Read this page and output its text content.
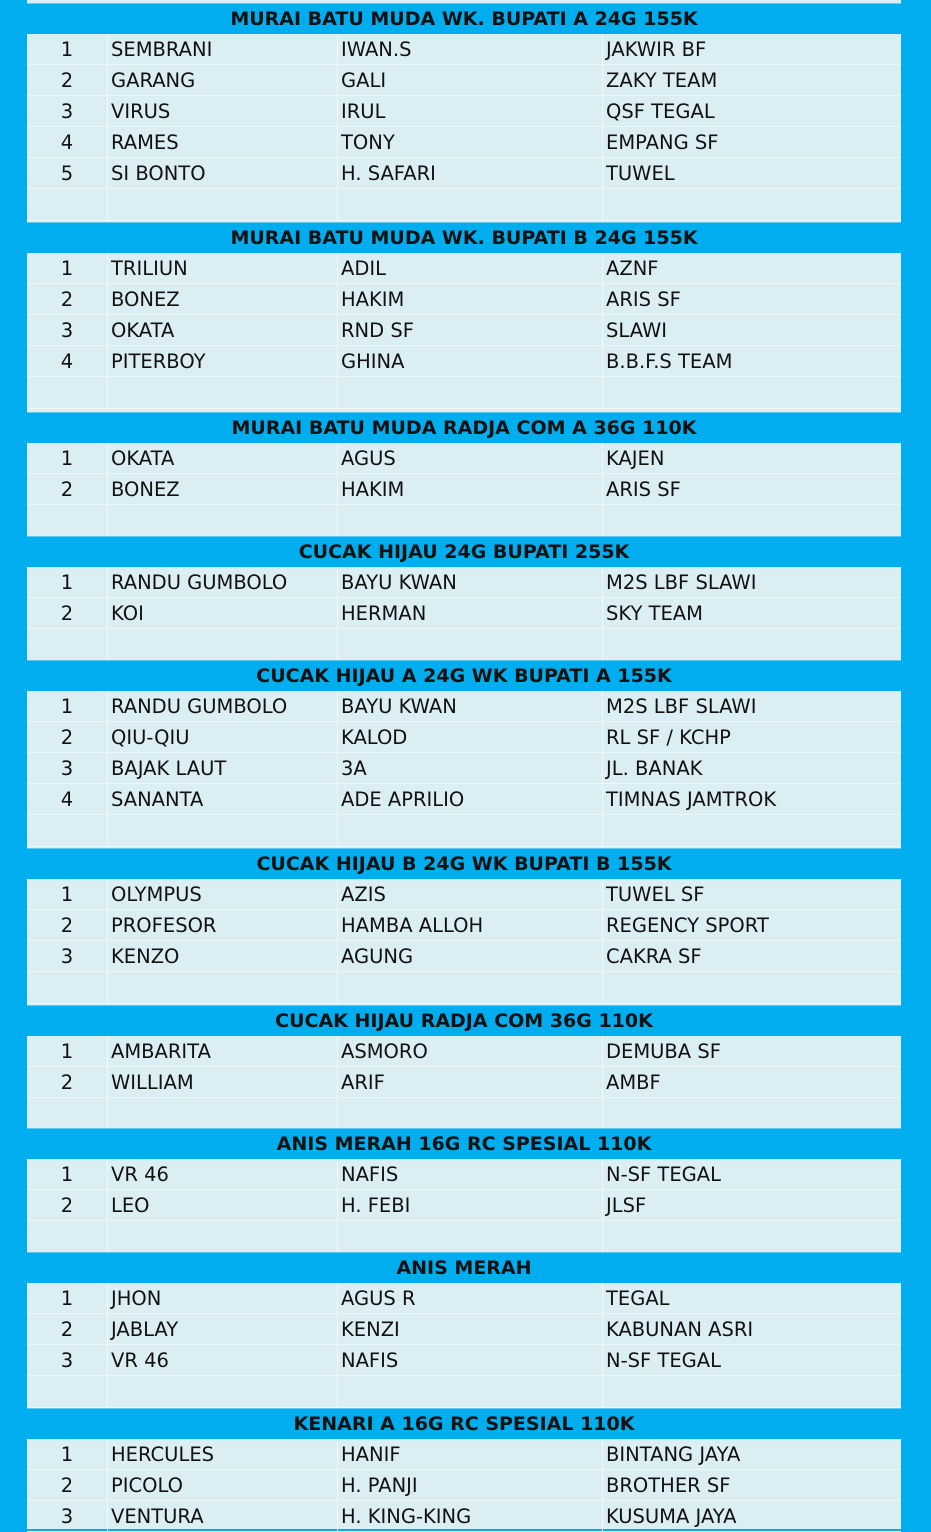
MURAI BATU MUDA WK. BUPATI A 24G 155K
1	SEMBRANI	IWAN.S	JAKWIR BF
2	GARANG	GALI	ZAKY TEAM
3	VIRUS	IRUL	QSF TEGAL
4	RAMES	TONY	EMPANG SF
5	SI BONTO	H. SAFARI	TUWEL
MURAI BATU MUDA WK. BUPATI B 24G 155K
1	TRILIUN	ADIL	AZNF
2	BONEZ	HAKIM	ARIS SF
3	OKATA	RND SF	SLAWI
4	PITERBOY	GHINA	B.B.F.S TEAM
MURAI BATU MUDA RADJA COM A 36G 110K
1	OKATA	AGUS	KAJEN
2	BONEZ	HAKIM	ARIS SF
CUCAK HIJAU 24G BUPATI 255K
1	RANDU GUMBOLO	BAYU KWAN	M2S LBF SLAWI
2	KOI	HERMAN	SKY TEAM
CUCAK HIJAU A 24G WK BUPATI A 155K
1	RANDU GUMBOLO	BAYU KWAN	M2S LBF SLAWI
2	QIU-QIU	KALOD	RL SF / KCHP
3	BAJAK LAUT	3A	JL. BANAK
4	SANANTA	ADE APRILIO	TIMNAS JAMTROK
CUCAK HIJAU B 24G WK BUPATI B 155K
1	OLYMPUS	AZIS	TUWEL SF
2	PROFESOR	HAMBA ALLOH	REGENCY SPORT
3	KENZO	AGUNG	CAKRA SF
CUCAK HIJAU RADJA COM 36G 110K
1	AMBARITA	ASMORO	DEMUBA SF
2	WILLIAM	ARIF	AMBF
ANIS MERAH 16G RC SPESIAL 110K
1	VR 46	NAFIS	N-SF TEGAL
2	LEO	H. FEBI	JLSF
ANIS MERAH
1	JHON	AGUS R	TEGAL
2	JABLAY	KENZI	KABUNAN ASRI
3	VR 46	NAFIS	N-SF TEGAL
KENARI A 16G RC SPESIAL 110K
1	HERCULES	HANIF	BINTANG JAYA
2	PICOLO	H. PANJI	BROTHER SF
3	VENTURA	H. KING-KING	KUSUMA JAYA
